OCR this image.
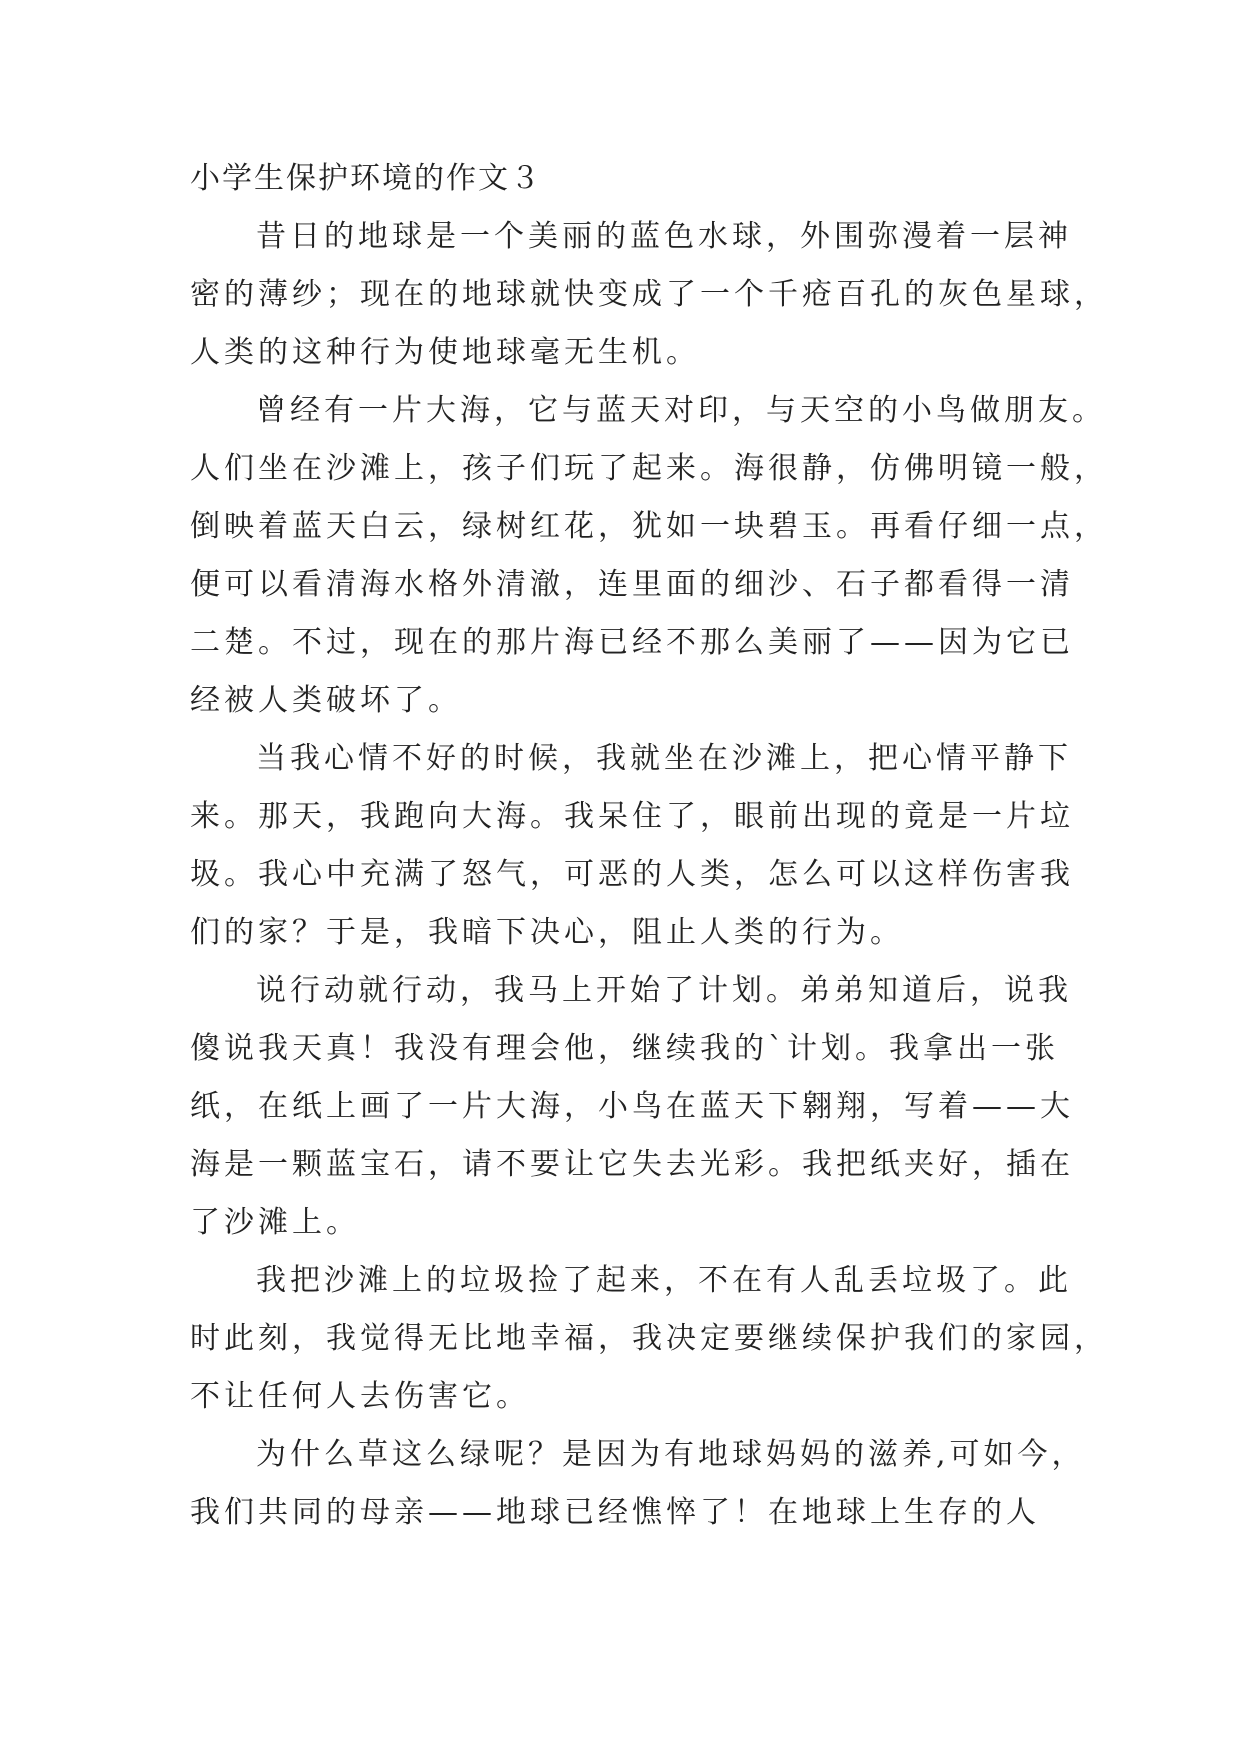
小学生保护环境的作文３
昔日的地球是一个美丽的蓝色水球，外围弥漫着一层神
密的薄纱；现在的地球就快变成了一个千疮百孔的灰色星球，
人类的这种行为使地球毫无生机。
曾经有一片大海，它与蓝天对印，与天空的小鸟做朋友。
人们坐在沙滩上，孩子们玩了起来。海很静，仿佛明镜一般，
倒映着蓝天白云，绿树红花，犹如一块碧玉。再看仔细一点，
便可以看清海水格外清澈，连里面的细沙、石子都看得一清
二楚。不过，现在的那片海已经不那么美丽了——因为它已
经被人类破坏了。
当我心情不好的时候，我就坐在沙滩上，把心情平静下
来。那天，我跑向大海。我呆住了，眼前出现的竟是一片垃
圾。我心中充满了怒气，可恶的人类，怎么可以这样伤害我
们的家？于是，我暗下决心，阻止人类的行为。
说行动就行动，我马上开始了计划。弟弟知道后，说我
傻说我天真！我没有理会他，继续我的`计划。我拿出一张
纸，在纸上画了一片大海，小鸟在蓝天下翱翔，写着——大
海是一颗蓝宝石，请不要让它失去光彩。我把纸夹好，插在
了沙滩上。
我把沙滩上的垃圾捡了起来，不在有人乱丢垃圾了。此
时此刻，我觉得无比地幸福，我决定要继续保护我们的家园，
不让任何人去伤害它。
为什么草这么绿呢？是因为有地球妈妈的滋养,可如今，
我们共同的母亲——地球已经憔悴了！在地球上生存的人
